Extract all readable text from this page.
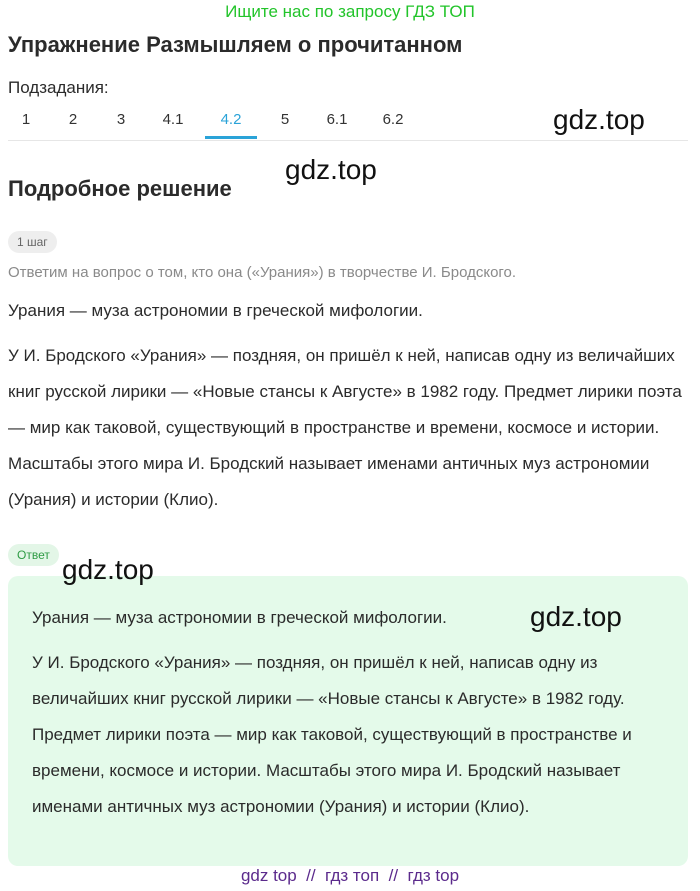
Ищите нас по запросу ГДЗ ТОП
Упражнение Размышляем о прочитанном
Подзадания:
1	2	3	4.1	4.2	5	6.1	6.2	gdz.top
gdz.top
Подробное решение
1 шаг
Ответим на вопрос о том, кто она («Урания») в творчестве И. Бродского.

Урания — муза астрономии в греческой мифологии.

У И. Бродского «Урания» — поздняя, он пришёл к ней, написав одну из величайших книг русской лирики — «Новые стансы к Августе» в 1982 году. Предмет лирики поэта — мир как таковой, существующий в пространстве и времени, космосе и истории. Масштабы этого мира И. Бродский называет именами античных муз астрономии (Урания) и истории (Клио).

Ответ

Урания — муза астрономии в греческой мифологии.

У И. Бродского «Урания» — поздняя, он пришёл к ней, написав одну из величайших книг русской лирики — «Новые стансы к Августе» в 1982 году. Предмет лирики поэта — мир как таковой, существующий в пространстве и времени, космосе и истории. Масштабы этого мира И. Бродский называет именами античных муз астрономии (Урания) и истории (Клио).

gdz.top
gdz.top
gdz top  //  гдз топ  //  гдз top
